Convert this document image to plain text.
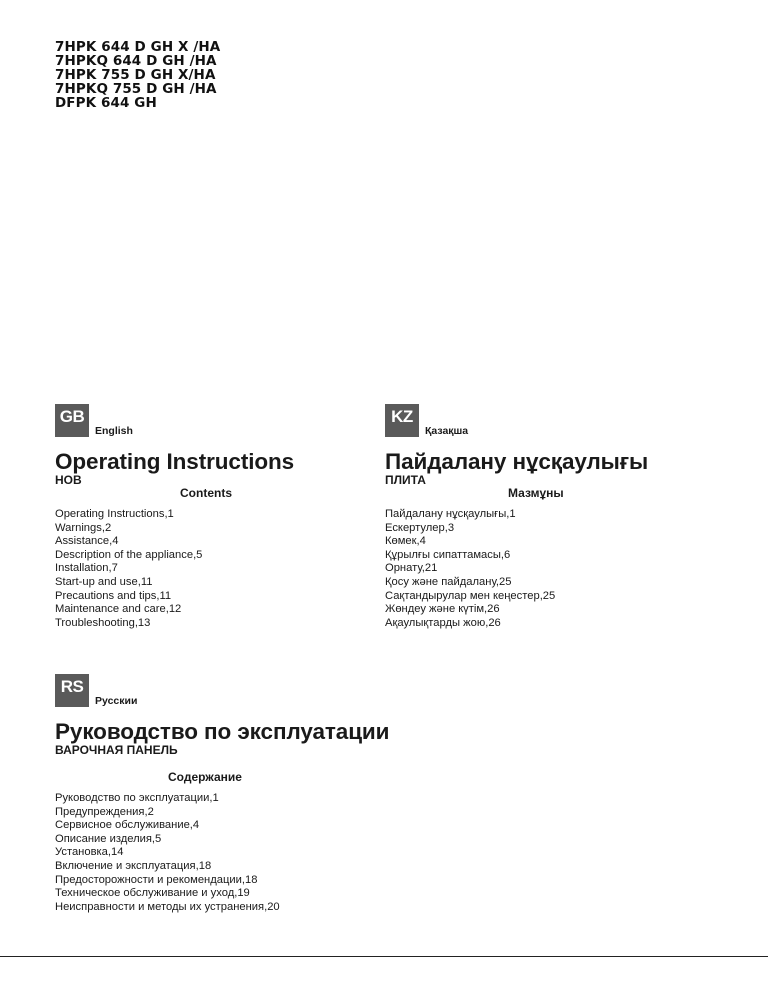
7HPK 644 D GH X /HA
7HPKQ 644 D GH /HA
7HPK 755 D GH X/HA
7HPKQ 755 D GH /HA
DFPK 644 GH
GB
English
Operating Instructions
HOB
Contents
Operating Instructions,1
Warnings,2
Assistance,4
Description of the appliance,5
Installation,7
Start-up and use,11
Precautions and tips,11
Maintenance and care,12
Troubleshooting,13
KZ
Қазақша
Пайдалану нұсқаулығы
ПЛИТА
Мазмұны
Пайдалану нұсқаулығы,1
Ескертулер,3
Көмек,4
Құрылғы сипаттамасы,6
Орнату,21
Қосу және пайдалану,25
Сақтандырулар мен кеңестер,25
Жөндеу және күтім,26
Ақаулықтарды жою,26
RS
Русскии
Руководство по эксплуатации
ВАРОЧНАЯ ПАНЕЛЬ
Содержание
Руководство по эксплуатации,1
Предупреждения,2
Сервисное обслуживание,4
Описание изделия,5
Установка,14
Включение и эксплуатация,18
Предосторожности и рекомендации,18
Техническое обслуживание и уход,19
Неисправности и методы их устранения,20
